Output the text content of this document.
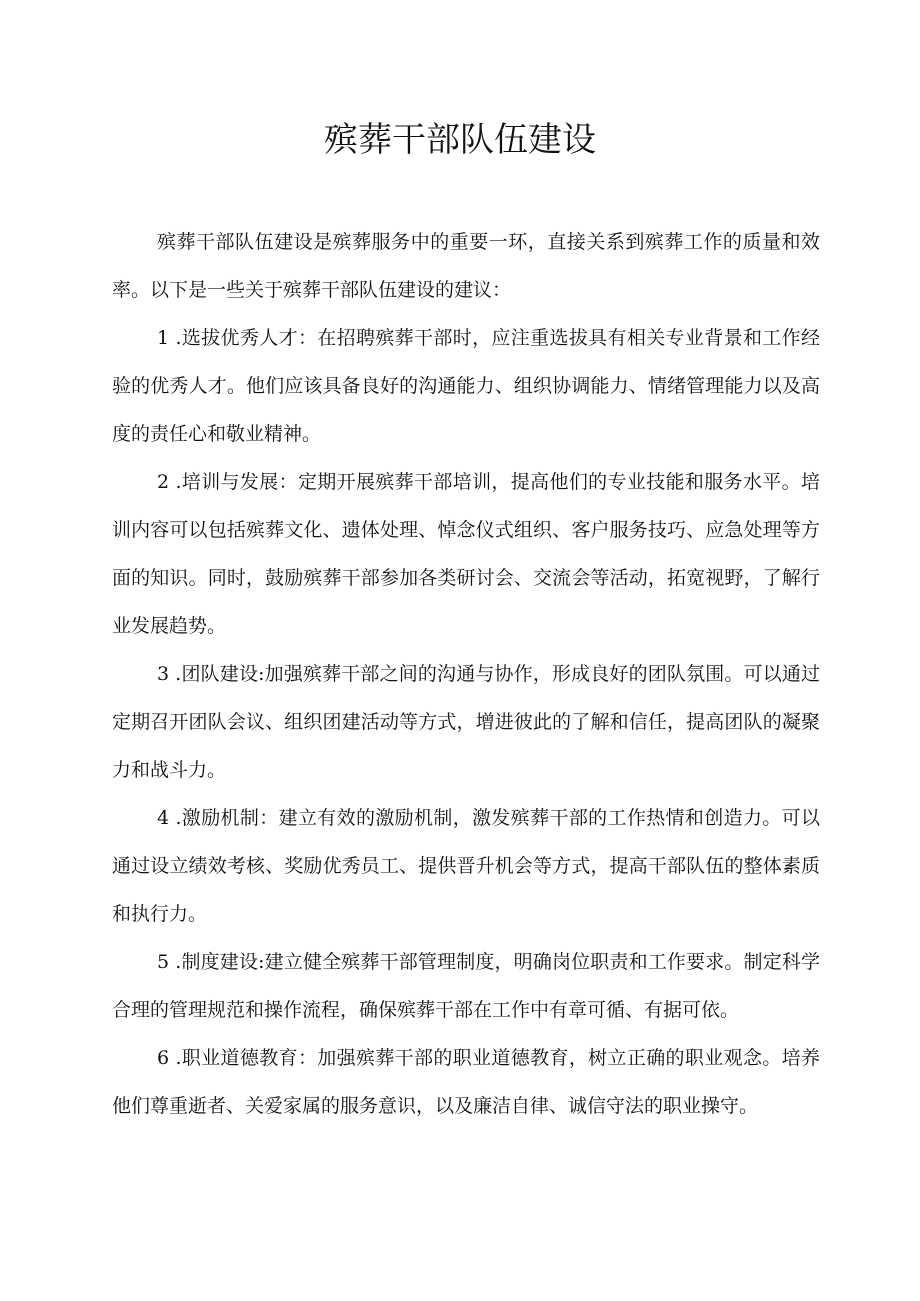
殡葬干部队伍建设

殡葬干部队伍建设是殡葬服务中的重要一环，直接关系到殡葬工作的质量和效率。以下是一些关于殡葬干部队伍建设的建议：

1 .选拔优秀人才：在招聘殡葬干部时，应注重选拔具有相关专业背景和工作经验的优秀人才。他们应该具备良好的沟通能力、组织协调能力、情绪管理能力以及高度的责任心和敬业精神。

2 .培训与发展：定期开展殡葬干部培训，提高他们的专业技能和服务水平。培训内容可以包括殡葬文化、遗体处理、悼念仪式组织、客户服务技巧、应急处理等方面的知识。同时，鼓励殡葬干部参加各类研讨会、交流会等活动，拓宽视野，了解行业发展趋势。

3 .团队建设:加强殡葬干部之间的沟通与协作，形成良好的团队氛围。可以通过定期召开团队会议、组织团建活动等方式，增进彼此的了解和信任，提高团队的凝聚力和战斗力。

4 .激励机制：建立有效的激励机制，激发殡葬干部的工作热情和创造力。可以通过设立绩效考核、奖励优秀员工、提供晋升机会等方式，提高干部队伍的整体素质和执行力。

5 .制度建设:建立健全殡葬干部管理制度，明确岗位职责和工作要求。制定科学合理的管理规范和操作流程，确保殡葬干部在工作中有章可循、有据可依。

6 .职业道德教育：加强殡葬干部的职业道德教育，树立正确的职业观念。培养他们尊重逝者、关爱家属的服务意识，以及廉洁自律、诚信守法的职业操守。
